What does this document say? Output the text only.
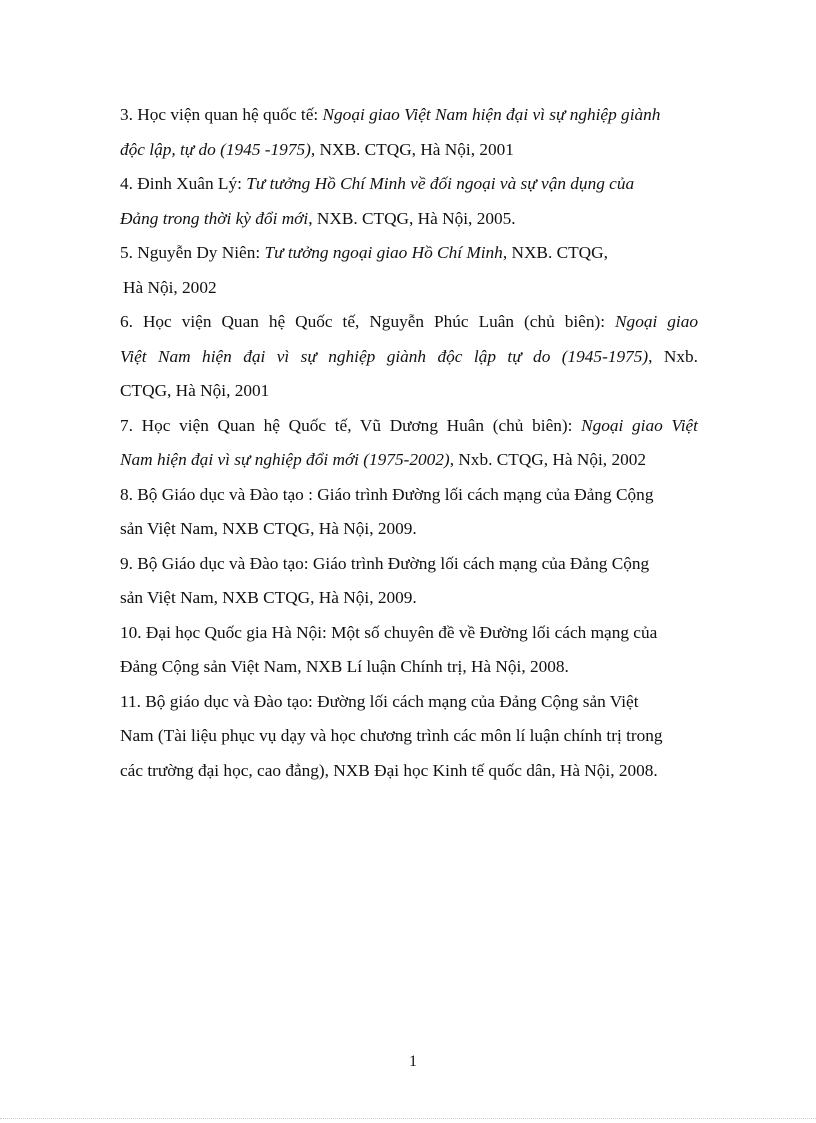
3. Học viện quan hệ quốc tế: Ngoại giao Việt Nam hiện đại vì sự nghiệp giành
độc lập, tự do (1945 -1975), NXB. CTQG, Hà Nội, 2001

4. Đinh Xuân Lý: Tư tưởng Hồ Chí Minh về đối ngoại và sự vận dụng của
Đảng trong thời kỳ đổi mới, NXB. CTQG, Hà Nội, 2005.

5. Nguyễn Dy Niên: Tư tưởng ngoại giao Hồ Chí Minh, NXB. CTQG,
Hà Nội, 2002

6. Học viện Quan hệ Quốc tế, Nguyễn Phúc Luân (chủ biên): Ngoại giao
Việt Nam hiện đại vì sự nghiệp giành độc lập tự do (1945-1975), Nxb.
CTQG, Hà Nội, 2001

7. Học viện Quan hệ Quốc tế, Vũ Dương Huân (chủ biên): Ngoại giao Việt
Nam hiện đại vì sự nghiệp đổi mới (1975-2002), Nxb. CTQG, Hà Nội, 2002

8. Bộ Giáo dục và Đào tạo : Giáo trình Đường lối cách mạng của Đảng Cộng
sản Việt Nam, NXB CTQG, Hà Nội, 2009.

9. Bộ Giáo dục và Đào tạo: Giáo trình Đường lối cách mạng của Đảng Cộng
sản Việt Nam, NXB CTQG, Hà Nội, 2009.

10. Đại học Quốc gia Hà Nội: Một số chuyên đề về Đường lối cách mạng của
Đảng Cộng sản Việt Nam, NXB Lí luận Chính trị, Hà Nội, 2008.

11. Bộ giáo dục và Đào tạo: Đường lối cách mạng của Đảng Cộng sản Việt
Nam (Tài liệu phục vụ dạy và học chương trình các môn lí luận chính trị trong
các trường đại học, cao đẳng), NXB Đại học Kinh tế quốc dân, Hà Nội, 2008.

1
